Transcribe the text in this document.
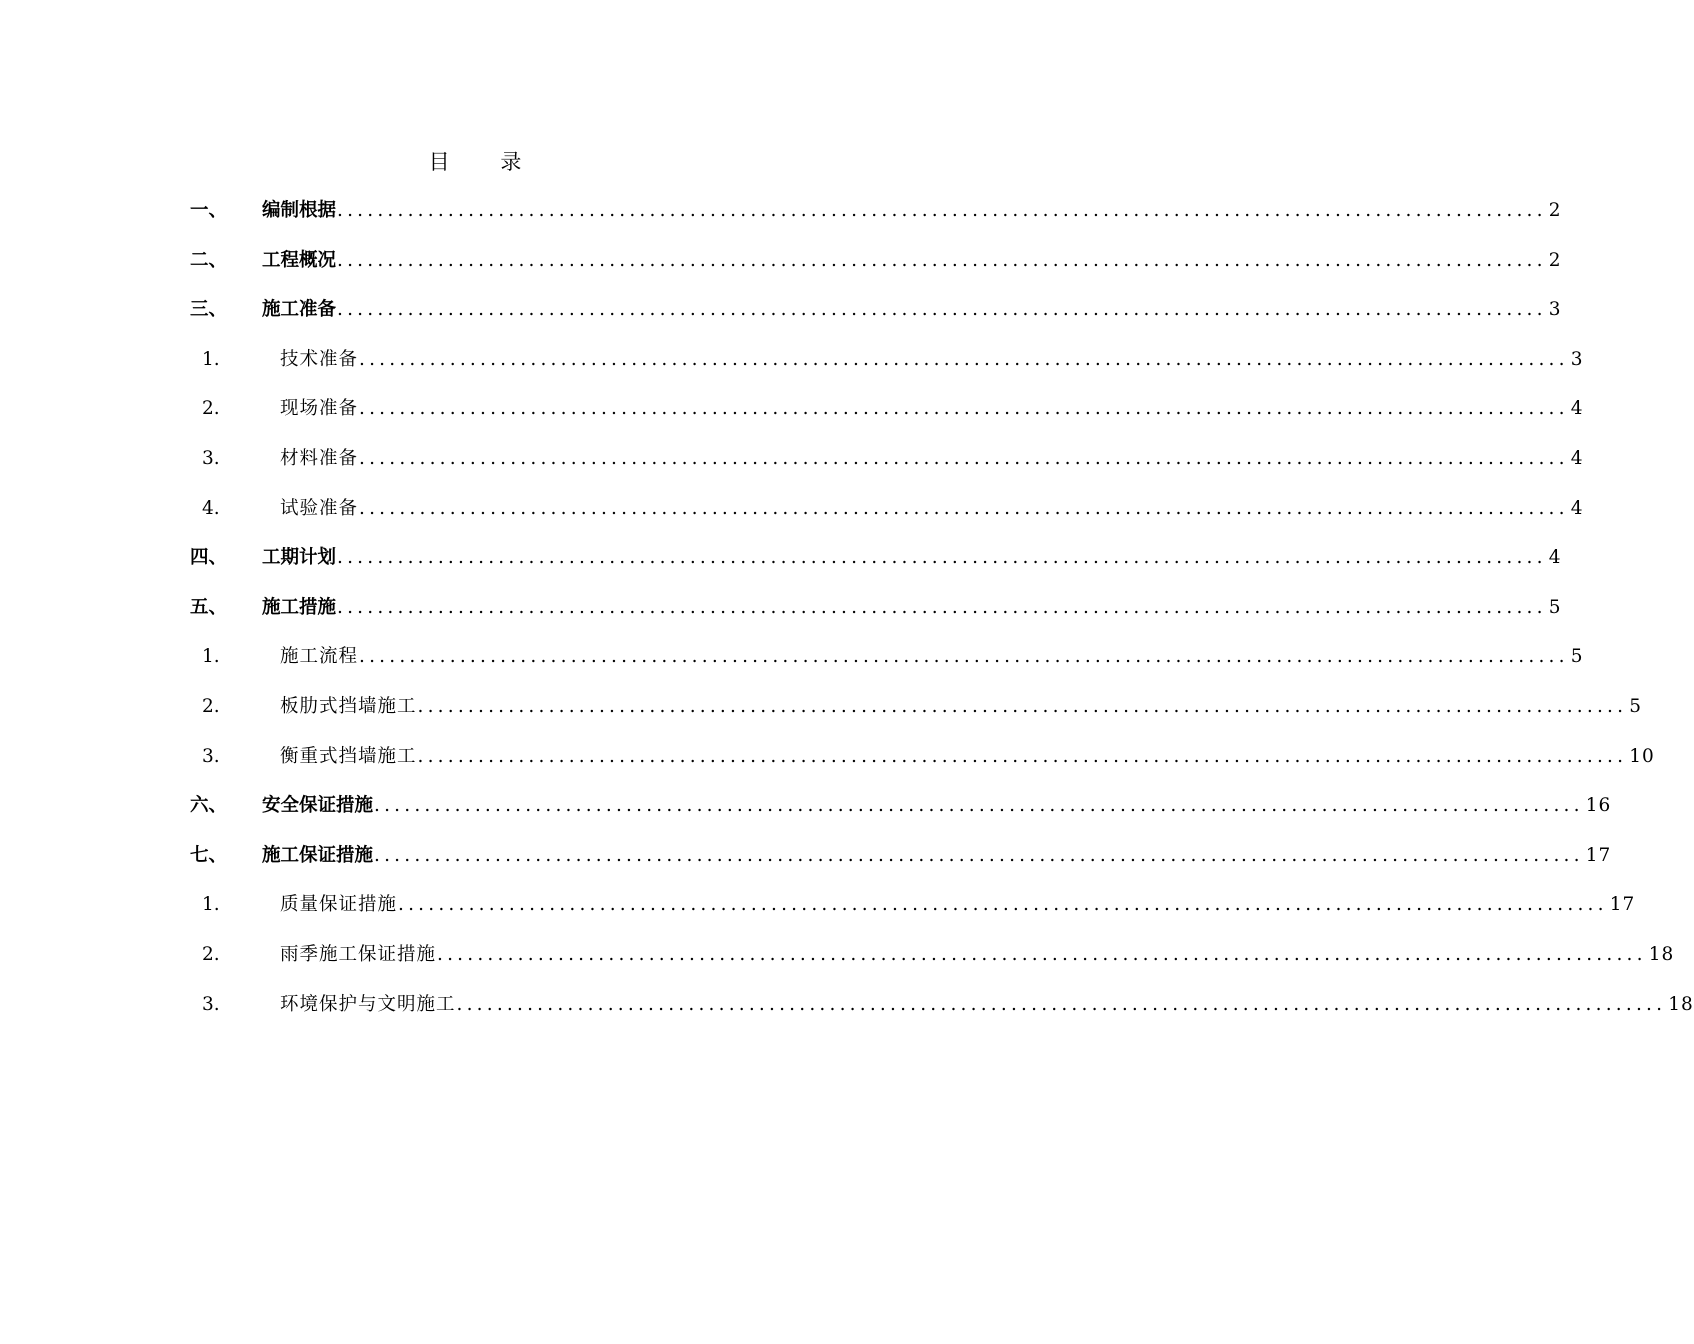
目 录
一、	编制根据 ........................................................................................................................ 2
二、	工程概况 ........................................................................................................................ 2
三、	施工准备 ........................................................................................................................ 3
1.	技术准备 ........................................................................................................................ 3
2.	现场准备 ........................................................................................................................ 4
3.	材料准备 ........................................................................................................................ 4
4.	试验准备 ........................................................................................................................ 4
四、	工期计划 ........................................................................................................................ 4
五、	施工措施 ........................................................................................................................ 5
1.	施工流程 ........................................................................................................................ 5
2.	板肋式挡墙施工 ........................................................................................................................ 5
3.	衡重式挡墙施工 ........................................................................................................................ 10
六、	安全保证措施 ........................................................................................................................ 16
七、	施工保证措施 ........................................................................................................................ 17
1.	质量保证措施 ........................................................................................................................ 17
2.	雨季施工保证措施 ........................................................................................................................ 18
3.	环境保护与文明施工 ........................................................................................................................ 18
